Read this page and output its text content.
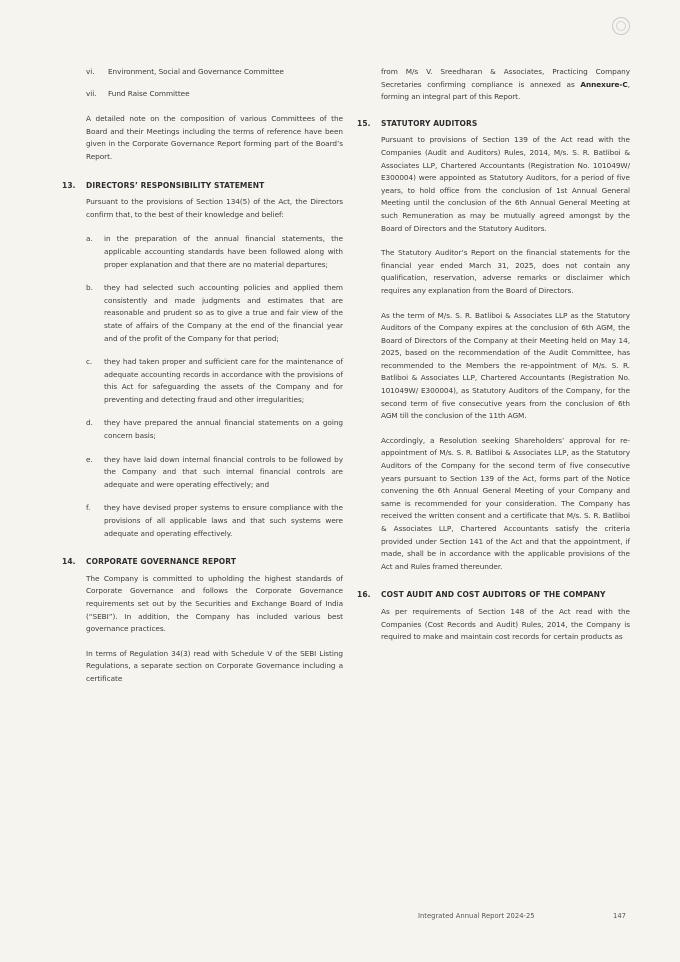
vi.	Environment, Social and Governance Committee
vii.	Fund Raise Committee

A detailed note on the composition of various Committees of the Board and their Meetings including the terms of reference have been given in the Corporate Governance Report forming part of the Board’s Report.

13.	DIRECTORS’ RESPONSIBILITY STATEMENT

Pursuant to the provisions of Section 134(5) of the Act, the Directors confirm that, to the best of their knowledge and belief:

a.	in the preparation of the annual financial statements, the applicable accounting standards have been followed along with proper explanation and that there are no material departures;
b.	they had selected such accounting policies and applied them consistently and made judgments and estimates that are reasonable and prudent so as to give a true and fair view of the state of affairs of the Company at the end of the financial year and of the profit of the Company for that period;
c.	they had taken proper and sufficient care for the maintenance of adequate accounting records in accordance with the provisions of this Act for safeguarding the assets of the Company and for preventing and detecting fraud and other irregularities;
d.	they have prepared the annual financial statements on a going concern basis;
e.	they have laid down internal financial controls to be followed by the Company and that such internal financial controls are adequate and were operating effectively; and
f.	they have devised proper systems to ensure compliance with the provisions of all applicable laws and that such systems were adequate and operating effectively.
14.	CORPORATE GOVERNANCE REPORT

The Company is committed to upholding the highest standards of Corporate Governance and follows the Corporate Governance requirements set out by the Securities and Exchange Board of India (“SEBI”). In addition, the Company has included various best governance practices.

In terms of Regulation 34(3) read with Schedule V of the SEBI Listing Regulations, a separate section on Corporate Governance including a certificate

from M/s V. Sreedharan & Associates, Practicing Company Secretaries confirming compliance is annexed as Annexure-C, forming an integral part of this Report.

15.	STATUTORY AUDITORS

Pursuant to provisions of Section 139 of the Act read with the Companies (Audit and Auditors) Rules, 2014, M/s. S. R. Batliboi & Associates LLP, Chartered Accountants (Registration No. 101049W/ E300004) were appointed as Statutory Auditors, for a period of five years, to hold office from the conclusion of 1st Annual General Meeting until the conclusion of the 6th Annual General Meeting at such Remuneration as may be mutually agreed amongst by the Board of Directors and the Statutory Auditors.

The Statutory Auditor’s Report on the financial statements for the financial year ended March 31, 2025, does not contain any qualification, reservation, adverse remarks or disclaimer which requires any explanation from the Board of Directors.

As the term of M/s. S. R. Batliboi & Associates LLP as the Statutory Auditors of the Company expires at the conclusion of 6th AGM, the Board of Directors of the Company at their Meeting held on May 14, 2025, based on the recommendation of the Audit Committee, has recommended to the Members the re-appointment of M/s. S. R. Batliboi & Associates LLP, Chartered Accountants (Registration No. 101049W/ E300004), as Statutory Auditors of the Company, for the second term of five consecutive years from the conclusion of 6th AGM till the conclusion of the 11th AGM.

Accordingly, a Resolution seeking Shareholders’ approval for re-appointment of M/s. S. R. Batliboi & Associates LLP, as the Statutory Auditors of the Company for the second term of five consecutive years pursuant to Section 139 of the Act, forms part of the Notice convening the 6th Annual General Meeting of your Company and same is recommended for your consideration. The Company has received the written consent and a certificate that M/s. S. R. Batliboi & Associates LLP, Chartered Accountants satisfy the criteria provided under Section 141 of the Act and that the appointment, if made, shall be in accordance with the applicable provisions of the Act and Rules framed thereunder.

16.	COST AUDIT AND COST AUDITORS OF THE COMPANY

As per requirements of Section 148 of the Act read with the Companies (Cost Records and Audit) Rules, 2014, the Company is required to make and maintain cost records for certain products as

Integrated Annual Report 2024-25	147
